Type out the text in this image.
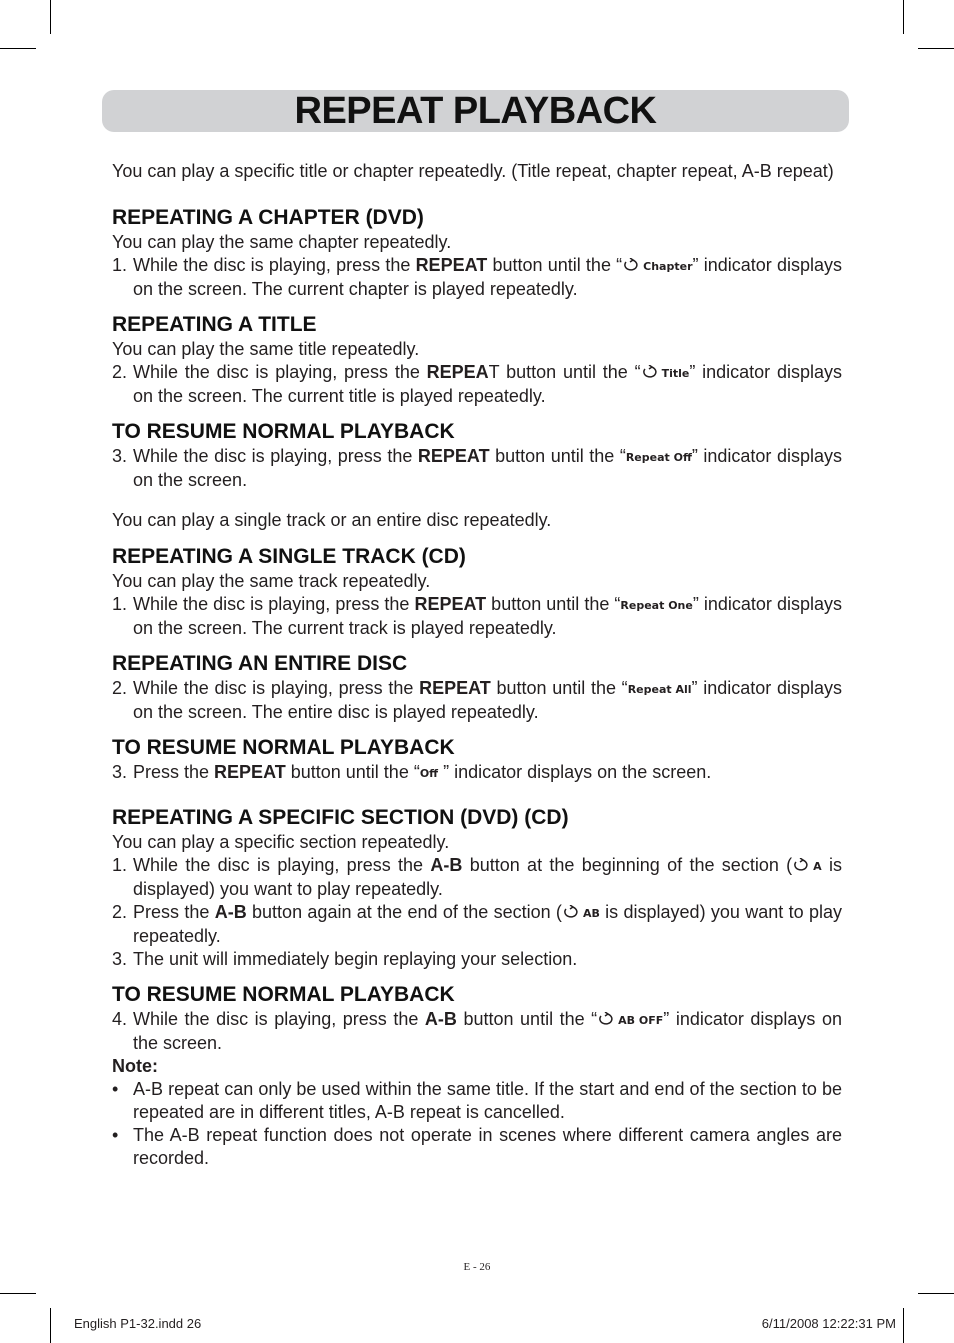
REPEAT PLAYBACK

You can play a specific title or chapter repeatedly. (Title repeat, chapter repeat, A-B repeat)

REPEATING A CHAPTER (DVD)

You can play the same chapter repeatedly.

1. While the disc is playing, press the REPEAT button until the “ Chapter” indicator displays on the screen. The current chapter is played repeatedly.

REPEATING A TITLE

You can play the same title repeatedly.

2. While the disc is playing, press the REPEAT button until the “ Title” indicator displays on the screen. The current title is played repeatedly.

TO RESUME NORMAL PLAYBACK

3. While the disc is playing, press the REPEAT button until the “Repeat Off” indicator displays on the screen.

You can play a single track or an entire disc repeatedly.

REPEATING A SINGLE TRACK (CD)

You can play the same track repeatedly.

1. While the disc is playing, press the REPEAT button until the “Repeat One” indicator displays on the screen. The current track is played repeatedly.

REPEATING AN ENTIRE DISC

2. While the disc is playing, press the REPEAT button until the “Repeat All” indicator displays on the screen. The entire disc is played repeatedly.

TO RESUME NORMAL PLAYBACK

3. Press the REPEAT button until the “Off ” indicator displays on the screen.

REPEATING A SPECIFIC SECTION (DVD) (CD)

You can play a specific section repeatedly.

1. While the disc is playing, press the A-B button at the beginning of the section ( A is displayed) you want to play repeatedly.

2. Press the A-B button again at the end of the section ( AB is displayed) you want to play repeatedly.

3. The unit will immediately begin replaying your selection.

TO RESUME NORMAL PLAYBACK

4. While the disc is playing, press the A-B button until the “ AB OFF” indicator displays on the screen.

Note:

• A-B repeat can only be used within the same title. If the start and end of the section to be repeated are in different titles, A-B repeat is cancelled.

• The A-B repeat function does not operate in scenes where different camera angles are recorded.

E - 26
English P1-32.indd 26	6/11/2008 12:22:31 PM
